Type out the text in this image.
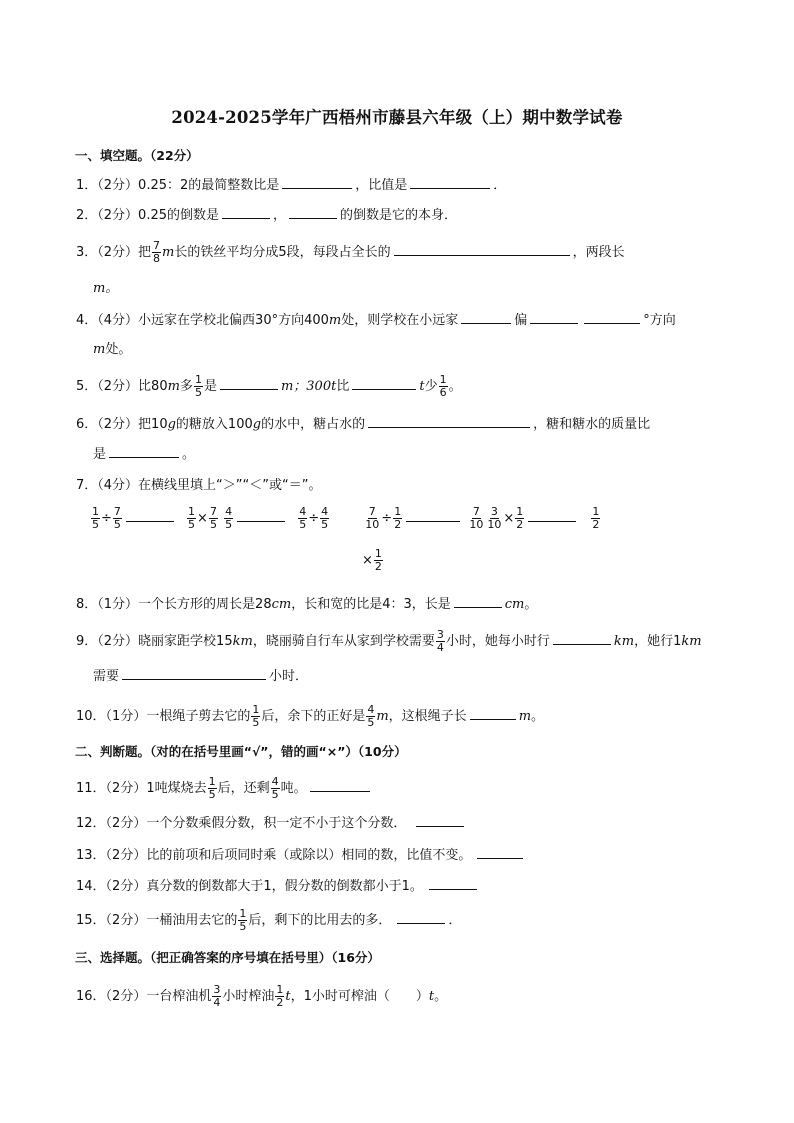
2024-2025学年广西梧州市藤县六年级（上）期中数学试卷
一、填空题。（22分）
1．（2分）0.25：2的最简整数比是	，比值是	．
2．（2分）0.25的倒数是	，	的倒数是它的本身．
3．（2分）把 $\frac{7}{8}$ m长的铁丝平均分成5段，每段占全长的	，两段长
m。
4．（4分）小远家在学校北偏西30°方向400m处，则学校在小远家	偏	°方向
m处。
5．（2分）比80m多 $\frac{1}{5}$ 是	m；300t比	t少 $\frac{1}{6}$ 。
6．（2分）把10g的糖放入100g的水中，糖占水的	，糖和糖水的质量比
是	。
7．（4分）在横线里填上“＞”“＜”或“＝”。
$\frac{1}{5} \div \frac{7}{5}$
	$\frac{1}{5} \times \frac{7}{5}$
$\frac{4}{5}$
	$\frac{4}{5} \div \frac{4}{5}$
	$\frac{7}{10} \div \frac{1}{2}$
	$\frac{7}{10} \frac{3}{10} \times \frac{1}{2}$
	$\frac{1}{2}$
× $\frac{1}{2}$
8．（1分）一个长方形的周长是28cm，长和宽的比是4：3，长是	cm。
9．（2分）晓丽家距学校15km，晓丽骑自行车从家到学校需要 $\frac{3}{4}$ 小时，她每小时行	km，她行1km
需要	小时．
10．（1分）一根绳子剪去它的 $\frac{1}{5}$ 后，余下的正好是 $\frac{4}{5}$ m，这根绳子长	m。
二、判断题。（对的在括号里画“√”，错的画“×”）（10分）
11．（2分）1吨煤烧去 $\frac{1}{5}$ 后，还剩 $\frac{4}{5}$ 吨。
12．（2分）一个分数乘假分数，积一定不小于这个分数．
13．（2分）比的前项和后项同时乘（或除以）相同的数，比值不变。
14．（2分）真分数的倒数都大于1，假分数的倒数都小于1。
15．（2分）一桶油用去它的 $\frac{1}{5}$ 后，剩下的比用去的多．	．
三、选择题。（把正确答案的序号填在括号里）（16分）
16．（2分）一台榨油机 $\frac{3}{4}$ 小时榨油 $\frac{1}{2}$ t，1小时可榨油（　　）t。
